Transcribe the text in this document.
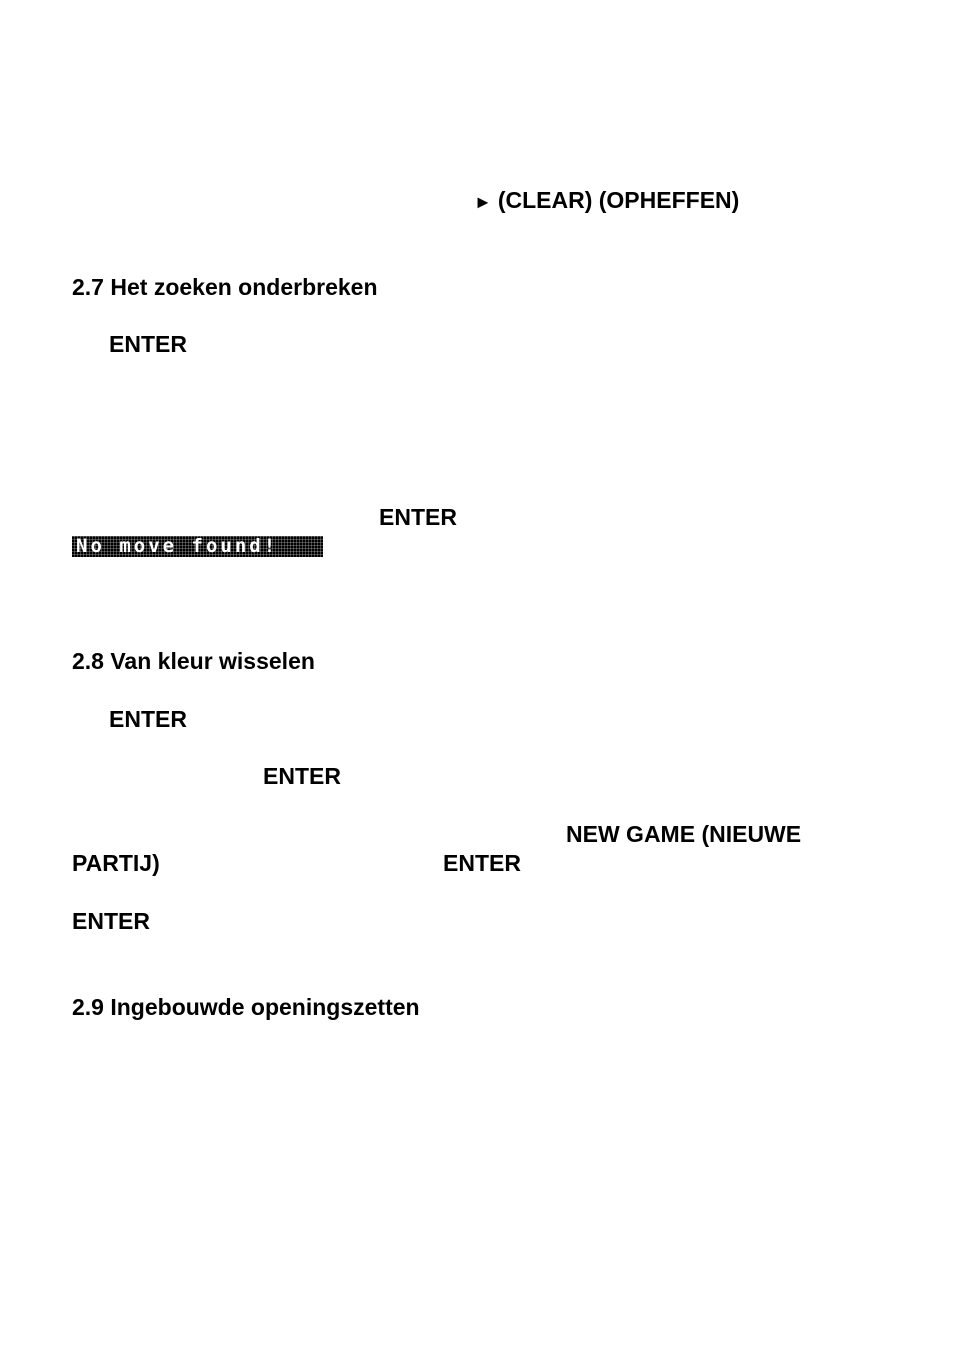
► (CLEAR) (OPHEFFEN)
2.7 Het zoeken onderbreken
ENTER
ENTER
No move found!
2.8 Van kleur wisselen
ENTER
ENTER
NEW GAME (NIEUWE
PARTIJ)	ENTER
ENTER
2.9 Ingebouwde openingszetten
